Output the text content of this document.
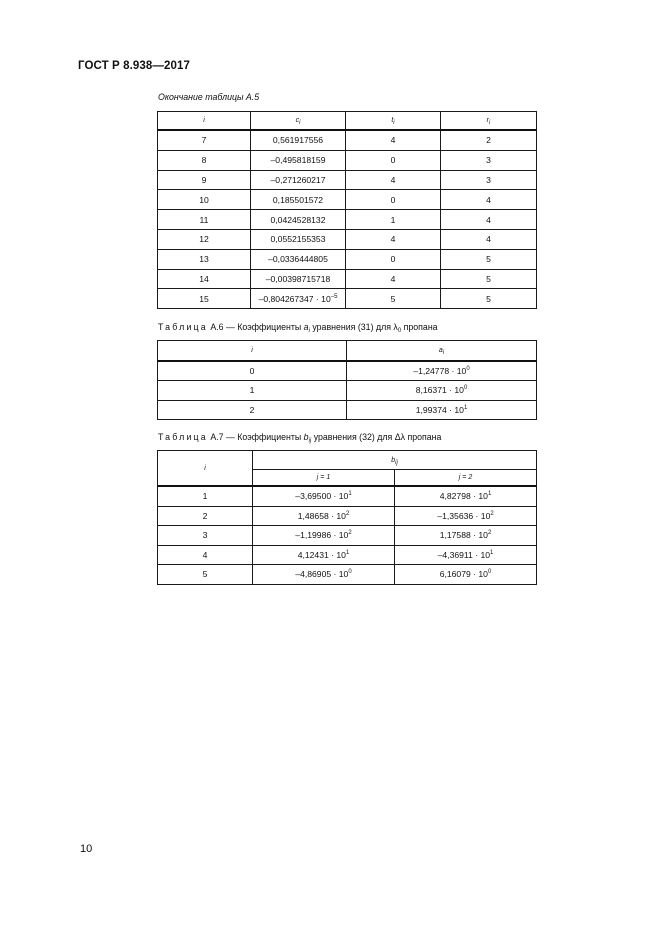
ГОСТ Р 8.938—2017
Окончание таблицы А.5
i	$c_i$	$t_i$	$r_i$
7	0,561917556	4	2
8	–0,495818159	0	3
9	–0,271260217	4	3
10	0,185501572	0	4
11	0,0424528132	1	4
12	0,0552155353	4	4
13	–0,0336444805	0	5
14	–0,00398715718	4	5
15	$-0,804267347 \cdot 10^{-5}$	5	5
Таблица А.6 — Коэффициенты $a_i$ уравнения (31) для $\lambda_0$ пропана
i	$a_i$
0	$-1,24778 \cdot 10^0$
1	$8,16371 \cdot 10^0$
2	$1,99374 \cdot 10^1$
Таблица А.7 — Коэффициенты $b_{ij}$ уравнения (32) для Δλ пропана
i	$b_{ij}$
	j = 1	j = 2
1	$-3,69500 \cdot 10^1$	$4,82798 \cdot 10^1$
2	$1,48658 \cdot 10^2$	$-1,35636 \cdot 10^2$
3	$-1,19986 \cdot 10^2$	$1,17588 \cdot 10^2$
4	$4,12431 \cdot 10^1$	$-4,36911 \cdot 10^1$
5	$-4,86905 \cdot 10^0$	$6,16079 \cdot 10^0$
10
